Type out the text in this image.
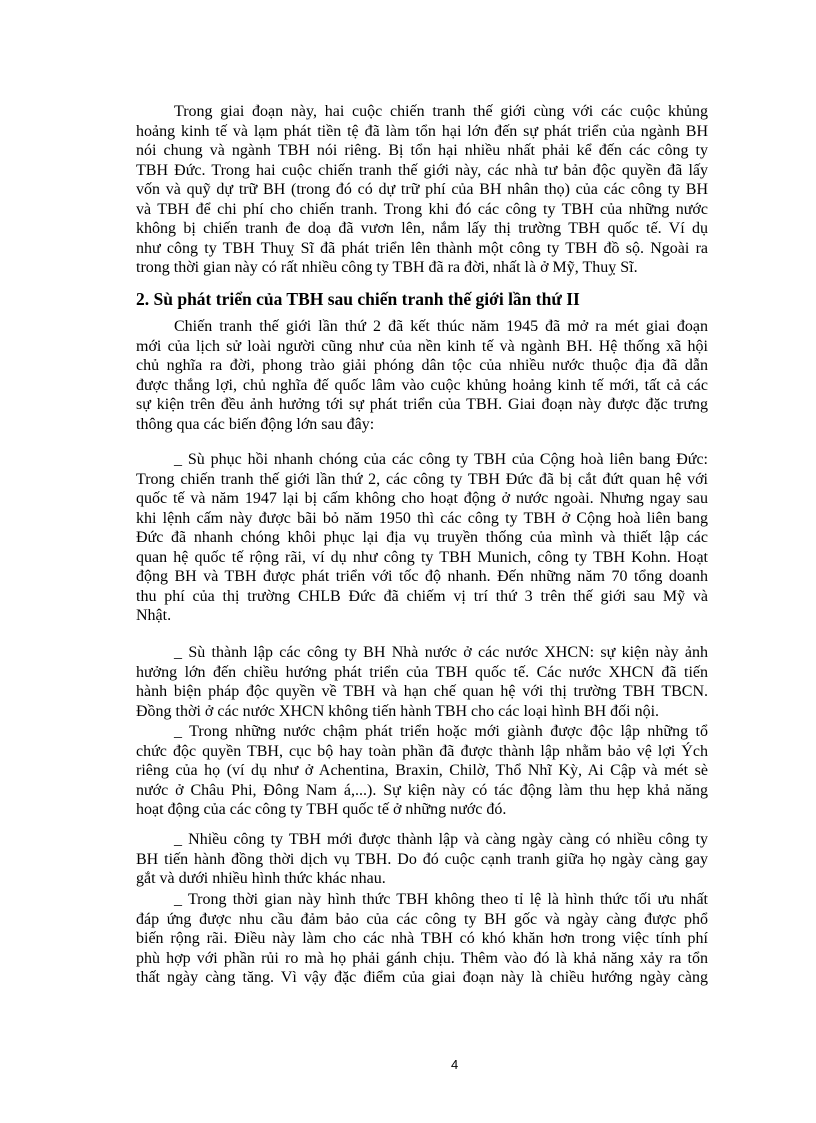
Trong giai đoạn này, hai cuộc chiến tranh thế giới cùng với các cuộc khủng
hoảng kinh tế và lạm phát tiền tệ đã làm tổn hại lớn đến sự phát triển của ngành BH
nói chung và ngành TBH nói riêng. Bị tổn hại nhiều nhất phải kể đến các công ty
TBH Đức. Trong hai cuộc chiến tranh thế giới này, các nhà tư bản độc quyền đã lấy
vốn và quỹ dự trữ BH (trong đó có dự trữ phí của BH nhân thọ) của các công ty BH
và TBH để chi phí cho chiến tranh. Trong khi đó các công ty TBH của những nước
không bị chiến tranh đe doạ đã vươn lên, nắm lấy thị trường TBH quốc tế. Ví dụ
như công ty TBH Thuỵ Sĩ đã phát triển lên thành một công ty TBH đồ sộ. Ngoài ra
trong thời gian này có rất nhiều công ty TBH đã ra đời, nhất là ở Mỹ, Thuỵ Sĩ.
2. Sù phát triển của TBH sau chiến tranh thế giới lần thứ II
Chiến tranh thế giới lần thứ 2 đã kết thúc năm 1945 đã mở ra mét giai đoạn
mới của lịch sử loài người cũng như của nền kinh tế và ngành BH. Hệ thống xã hội
chủ nghĩa ra đời, phong trào giải phóng dân tộc của nhiều nước thuộc địa đã dẫn
được thắng lợi, chủ nghĩa đế quốc lâm vào cuộc khủng hoảng kinh tế mới, tất cả các
sự kiện trên đều ảnh hưởng tới sự phát triển của TBH. Giai đoạn này được đặc trưng
thông qua các biến động lớn sau đây:
_ Sù phục hồi nhanh chóng của các công ty TBH của Cộng hoà liên bang Đức:
Trong chiến tranh thế giới lần thứ 2, các công ty TBH Đức đã bị cắt đứt quan hệ với
quốc tế và năm 1947 lại bị cấm không cho hoạt động ở nước ngoài. Nhưng ngay sau
khi lệnh cấm này được bãi bỏ năm 1950 thì các công ty TBH ở Cộng hoà liên bang
Đức đã nhanh chóng khôi phục lại địa vụ truyền thống của mình và thiết lập các
quan hệ quốc tế rộng rãi, ví dụ như công ty TBH Munich, công ty TBH Kohn. Hoạt
động BH và TBH được phát triển với tốc độ nhanh. Đến những năm 70 tổng doanh
thu phí của thị trường CHLB Đức đã chiếm vị trí thứ 3 trên thế giới sau Mỹ và
Nhật.
_ Sù thành lập các công ty BH Nhà nước ở các nước XHCN: sự kiện này ảnh
hưởng lớn đến chiều hướng phát triển của TBH quốc tế. Các nước XHCN đã tiến
hành biện pháp độc quyền về TBH và hạn chế quan hệ với thị trường TBH TBCN.
Đồng thời ở các nước XHCN không tiến hành TBH cho các loại hình BH đối nội.
_ Trong những nước chậm phát triển hoặc mới giành được độc lập những tổ
chức độc quyền TBH, cục bộ hay toàn phần đã được thành lập nhằm bảo vệ lợi Ých
riêng của họ (ví dụ như ở Achentina, Braxin, Chilờ, Thổ Nhĩ Kỳ, Ai Cập và mét sè
nước ở Châu Phi, Đông Nam á,...). Sự kiện này có tác động làm thu hẹp khả năng
hoạt động của các công ty TBH quốc tế ở những nước đó.
_ Nhiều công ty TBH mới được thành lập và càng ngày càng có nhiều công ty
BH tiến hành đồng thời dịch vụ TBH. Do đó cuộc cạnh tranh giữa họ ngày càng gay
gắt và dưới nhiều hình thức khác nhau.
_ Trong thời gian này hình thức TBH không theo tỉ lệ là hình thức tối ưu nhất
đáp ứng được nhu cầu đảm bảo của các công ty BH gốc và ngày càng được phổ
biến rộng rãi. Điều này làm cho các nhà TBH có khó khăn hơn trong việc tính phí
phù hợp với phần rủi ro mà họ phải gánh chịu. Thêm vào đó là khả năng xảy ra tổn
thất ngày càng tăng. Vì vậy đặc điểm của giai đoạn này là chiều hướng ngày càng
4
